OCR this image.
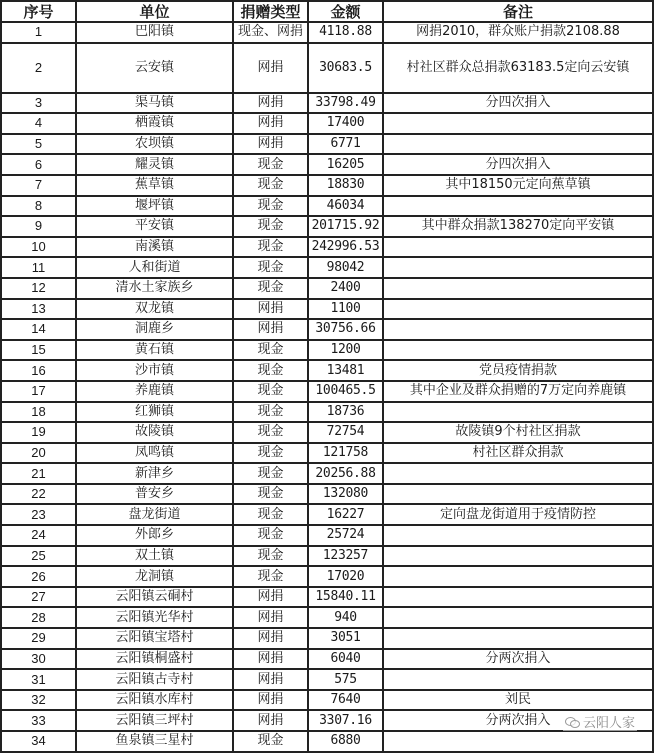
序号	单位	捐赠类型	金额	备注
1	巴阳镇	现金、网捐	4118.88	网捐2010，群众账户捐款2108.88
2	云安镇	网捐	30683.5	村社区群众总捐款63183.5定向云安镇
3	渠马镇	网捐	33798.49	分四次捐入
4	栖霞镇	网捐	17400	
5	农坝镇	网捐	6771	
6	耀灵镇	现金	16205	分四次捐入
7	蕉草镇	现金	18830	其中18150元定向蕉草镇
8	堰坪镇	现金	46034	
9	平安镇	现金	201715.92	其中群众捐款138270定向平安镇
10	南溪镇	现金	242996.53	
11	人和街道	现金	98042	
12	清水土家族乡	现金	2400	
13	双龙镇	网捐	1100	
14	洞鹿乡	网捐	30756.66	
15	黄石镇	现金	1200	
16	沙市镇	现金	13481	党员疫情捐款
17	养鹿镇	现金	100465.5	其中企业及群众捐赠的7万定向养鹿镇
18	红狮镇	现金	18736	
19	故陵镇	现金	72754	故陵镇9个村社区捐款
20	凤鸣镇	现金	121758	村社区群众捐款
21	新津乡	现金	20256.88	
22	普安乡	现金	132080	
23	盘龙街道	现金	16227	定向盘龙街道用于疫情防控
24	外郎乡	现金	25724	
25	双土镇	现金	123257	
26	龙洞镇	现金	17020	
27	云阳镇云硐村	网捐	15840.11	
28	云阳镇光华村	网捐	940	
29	云阳镇宝塔村	网捐	3051	
30	云阳镇桐盛村	网捐	6040	分两次捐入
31	云阳镇古寺村	网捐	575	
32	云阳镇水库村	网捐	7640	刘民
33	云阳镇三坪村	网捐	3307.16	分两次捐入
34	鱼泉镇三星村	现金	6880	
云阳人家
